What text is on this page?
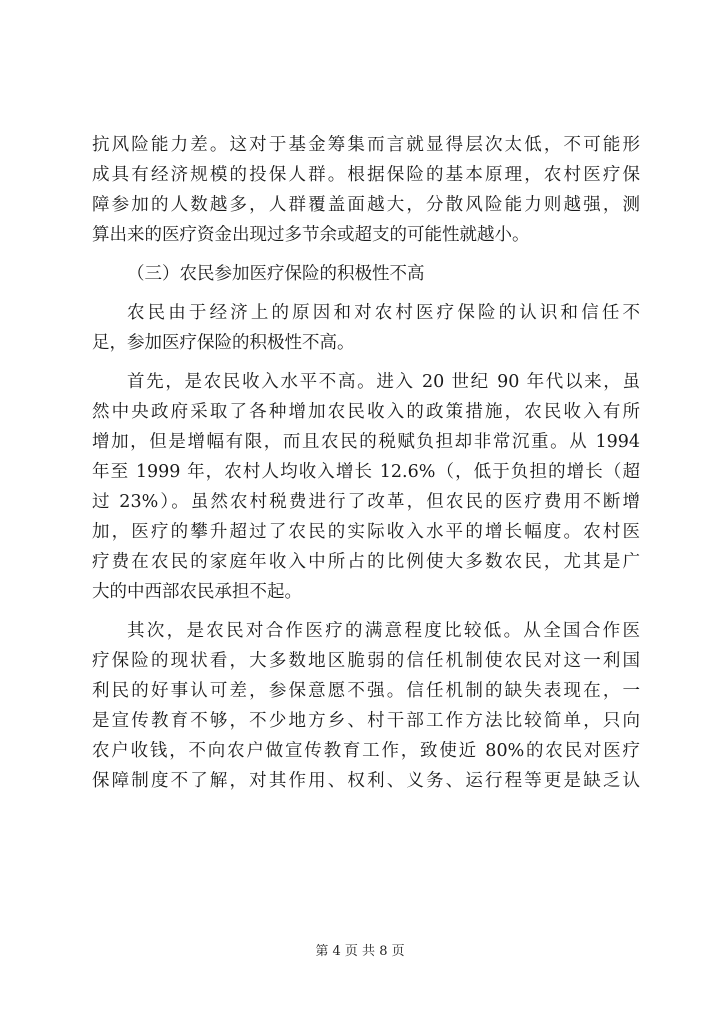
抗风险能力差。这对于基金筹集而言就显得层次太低，不可能形
成具有经济规模的投保人群。根据保险的基本原理，农村医疗保
障参加的人数越多，人群覆盖面越大，分散风险能力则越强，测
算出来的医疗资金出现过多节余或超支的可能性就越小。

（三）农民参加医疗保险的积极性不高

农民由于经济上的原因和对农村医疗保险的认识和信任不
足，参加医疗保险的积极性不高。

首先，是农民收入水平不高。进入 20 世纪 90 年代以来，虽
然中央政府采取了各种增加农民收入的政策措施，农民收入有所
增加，但是增幅有限，而且农民的税赋负担却非常沉重。从 1994
年至 1999 年，农村人均收入增长 12.6%（，低于负担的增长（超
过 23%）。虽然农村税费进行了改革，但农民的医疗费用不断增
加，医疗的攀升超过了农民的实际收入水平的增长幅度。农村医
疗费在农民的家庭年收入中所占的比例使大多数农民，尤其是广
大的中西部农民承担不起。

其次，是农民对合作医疗的满意程度比较低。从全国合作医
疗保险的现状看，大多数地区脆弱的信任机制使农民对这一利国
利民的好事认可差，参保意愿不强。信任机制的缺失表现在，一
是宣传教育不够，不少地方乡、村干部工作方法比较简单，只向
农户收钱，不向农户做宣传教育工作，致使近 80%的农民对医疗
保障制度不了解，对其作用、权利、义务、运行程等更是缺乏认

第 4 页 共 8 页
